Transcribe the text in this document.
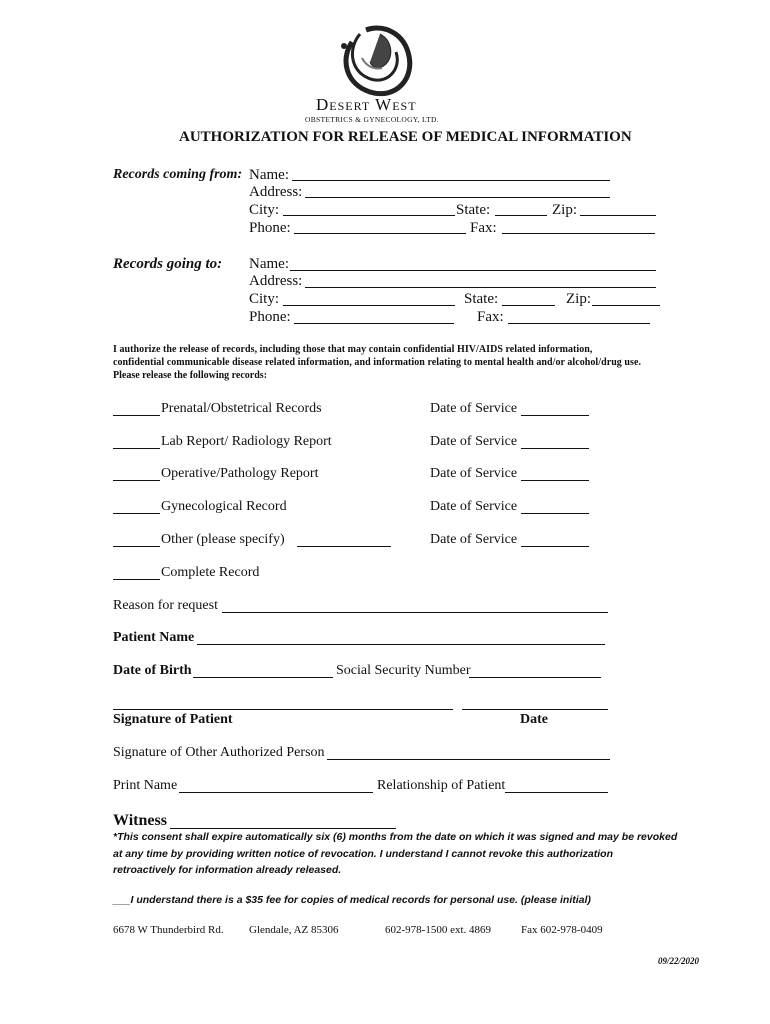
Desert West
OBSTETRICS & GYNECOLOGY, LTD.
AUTHORIZATION FOR RELEASE OF MEDICAL INFORMATION
Records coming from: Name:
Address:
City:	State:	Zip:
Phone:	Fax:
Records going to: Name:
Address:
City:	State:	Zip:
Phone:	Fax:
I authorize the release of records, including those that may contain confidential HIV/AIDS related information,
confidential communicable disease related information, and information relating to mental health and/or alcohol/drug use.
Please release the following records:
Prenatal/Obstetrical Records	Date of Service
Lab Report/ Radiology Report	Date of Service
Operative/Pathology Report	Date of Service
Gynecological Record	Date of Service
Other (please specify)	Date of Service
Complete Record
Reason for request
Patient Name
Date of Birth	Social Security Number
Signature of Patient	Date
Signature of Other Authorized Person
Print Name	Relationship of Patient
Witness
*This consent shall expire automatically six (6) months from the date on which it was signed and may be revoked
at any time by providing written notice of revocation. I understand I cannot revoke this authorization
retroactively for information already released.
___I understand there is a $35 fee for copies of medical records for personal use. (please initial)
6678 W Thunderbird Rd. Glendale, AZ 85306	602-978-1500 ext. 4869	Fax 602-978-0409
09/22/2020
